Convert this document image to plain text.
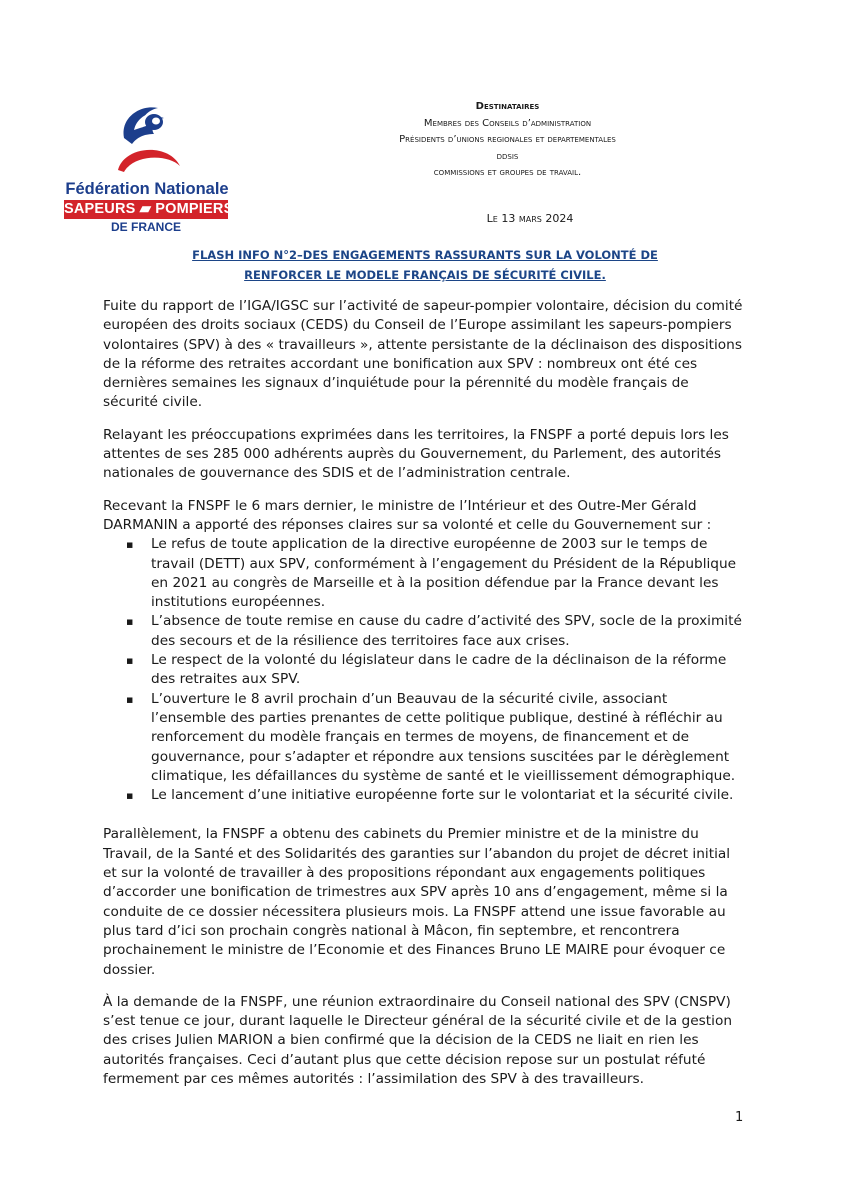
Fédération Nationale
SAPEURS ▰ POMPIERS
DE FRANCE
Destinataires
Membres des Conseils d’administration
Présidents d’unions regionales et departementales
ddsis
commissions et groupes de travail.
Le 13 mars 2024
FLASH INFO N°2–DES ENGAGEMENTS RASSURANTS SUR LA VOLONTÉ DE
RENFORCER LE MODELE FRANÇAIS DE SÉCURITÉ CIVILE.

Fuite du rapport de l’IGA/IGSC sur l’activité de sapeur-pompier volontaire, décision du comité européen des droits sociaux (CEDS) du Conseil de l’Europe assimilant les sapeurs-pompiers volontaires (SPV) à des « travailleurs », attente persistante de la déclinaison des dispositions de la réforme des retraites accordant une bonification aux SPV : nombreux ont été ces dernières semaines les signaux d’inquiétude pour la pérennité du modèle français de sécurité civile.

Relayant les préoccupations exprimées dans les territoires, la FNSPF a porté depuis lors les attentes de ses 285 000 adhérents auprès du Gouvernement, du Parlement, des autorités nationales de gouvernance des SDIS et de l’administration centrale.

Recevant la FNSPF le 6 mars dernier, le ministre de l’Intérieur et des Outre-Mer Gérald DARMANIN a apporté des réponses claires sur sa volonté et celle du Gouvernement sur :

▪ Le refus de toute application de la directive européenne de 2003 sur le temps de travail (DETT) aux SPV, conformément à l’engagement du Président de la République en 2021 au congrès de Marseille et à la position défendue par la France devant les institutions européennes.
▪ L’absence de toute remise en cause du cadre d’activité des SPV, socle de la proximité des secours et de la résilience des territoires face aux crises.
▪ Le respect de la volonté du législateur dans le cadre de la déclinaison de la réforme des retraites aux SPV.
▪ L’ouverture le 8 avril prochain d’un Beauvau de la sécurité civile, associant l’ensemble des parties prenantes de cette politique publique, destiné à réfléchir au renforcement du modèle français en termes de moyens, de financement et de gouvernance, pour s’adapter et répondre aux tensions suscitées par le dérèglement climatique, les défaillances du système de santé et le vieillissement démographique.
▪ Le lancement d’une initiative européenne forte sur le volontariat et la sécurité civile.

Parallèlement, la FNSPF a obtenu des cabinets du Premier ministre et de la ministre du Travail, de la Santé et des Solidarités des garanties sur l’abandon du projet de décret initial et sur la volonté de travailler à des propositions répondant aux engagements politiques d’accorder une bonification de trimestres aux SPV après 10 ans d’engagement, même si la conduite de ce dossier nécessitera plusieurs mois. La FNSPF attend une issue favorable au plus tard d’ici son prochain congrès national à Mâcon, fin septembre, et rencontrera prochainement le ministre de l’Economie et des Finances Bruno LE MAIRE pour évoquer ce dossier.

À la demande de la FNSPF, une réunion extraordinaire du Conseil national des SPV (CNSPV) s’est tenue ce jour, durant laquelle le Directeur général de la sécurité civile et de la gestion des crises Julien MARION a bien confirmé que la décision de la CEDS ne liait en rien les autorités françaises. Ceci d’autant plus que cette décision repose sur un postulat réfuté fermement par ces mêmes autorités : l’assimilation des SPV à des travailleurs.

1
